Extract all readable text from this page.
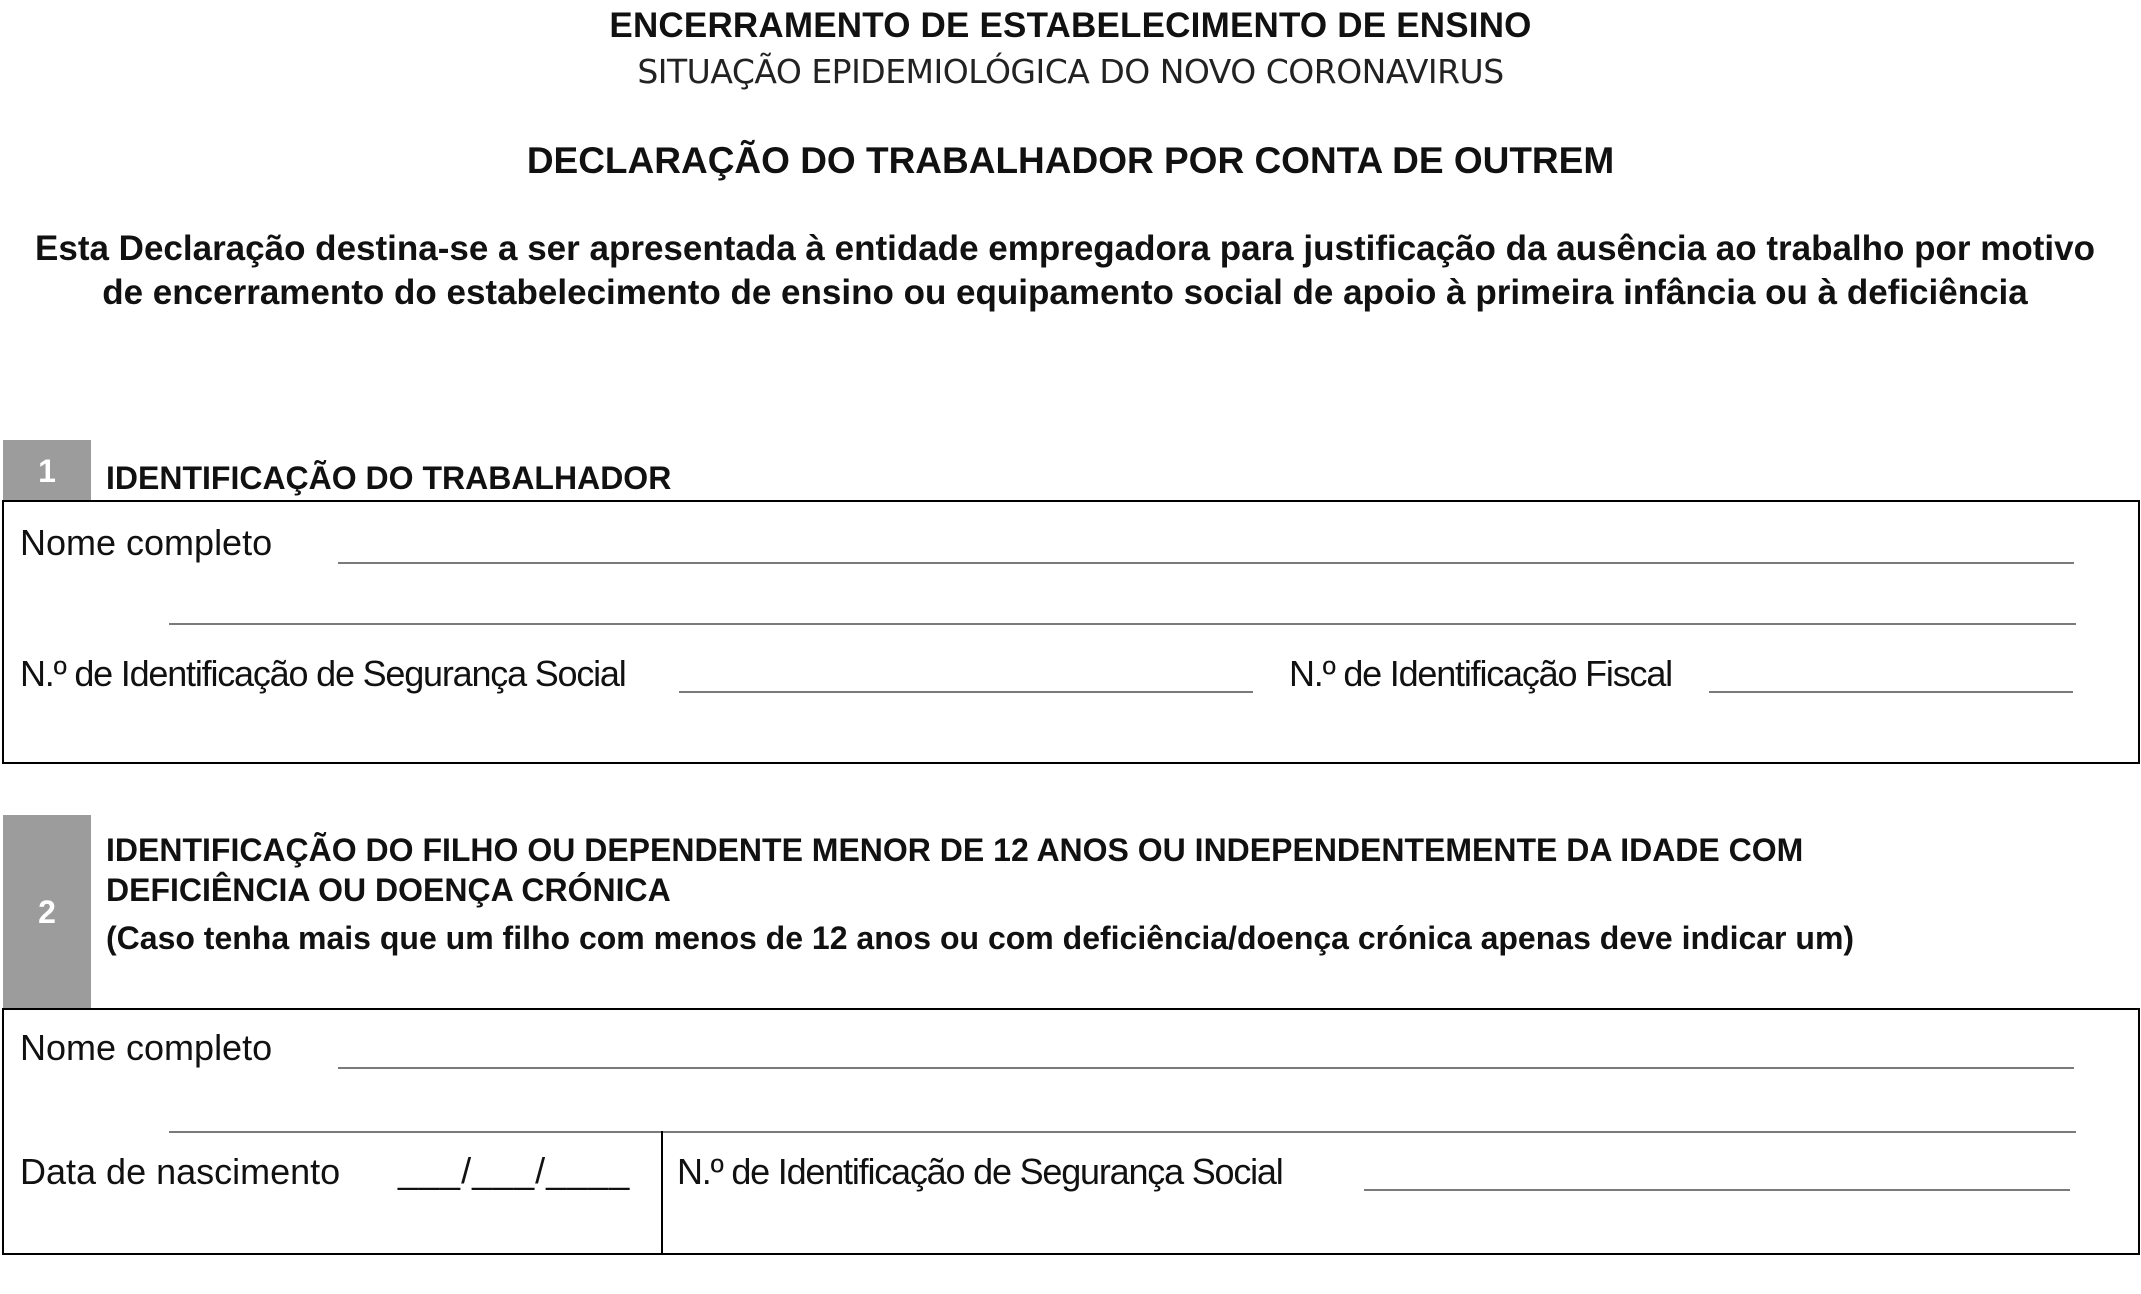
ENCERRAMENTO DE ESTABELECIMENTO DE ENSINO
SITUAÇÃO EPIDEMIOLÓGICA DO NOVO CORONAVIRUS
DECLARAÇÃO DO TRABALHADOR POR CONTA DE OUTREM
Esta Declaração destina-se a ser apresentada à entidade empregadora para justificação da ausência ao trabalho por motivo de encerramento do estabelecimento de ensino ou equipamento social de apoio à primeira infância ou à deficiência
1	IDENTIFICAÇÃO DO TRABALHADOR
Nome completo
N.º de Identificação de Segurança Social	N.º de Identificação Fiscal
2
IDENTIFICAÇÃO DO FILHO OU DEPENDENTE MENOR DE 12 ANOS OU INDEPENDENTEMENTE DA IDADE COM DEFICIÊNCIA OU DOENÇA CRÓNICA
(Caso tenha mais que um filho com menos de 12 anos ou com deficiência/doença crónica apenas deve indicar um)
Nome completo
Data de nascimento ___/___/____ N.º de Identificação de Segurança Social
